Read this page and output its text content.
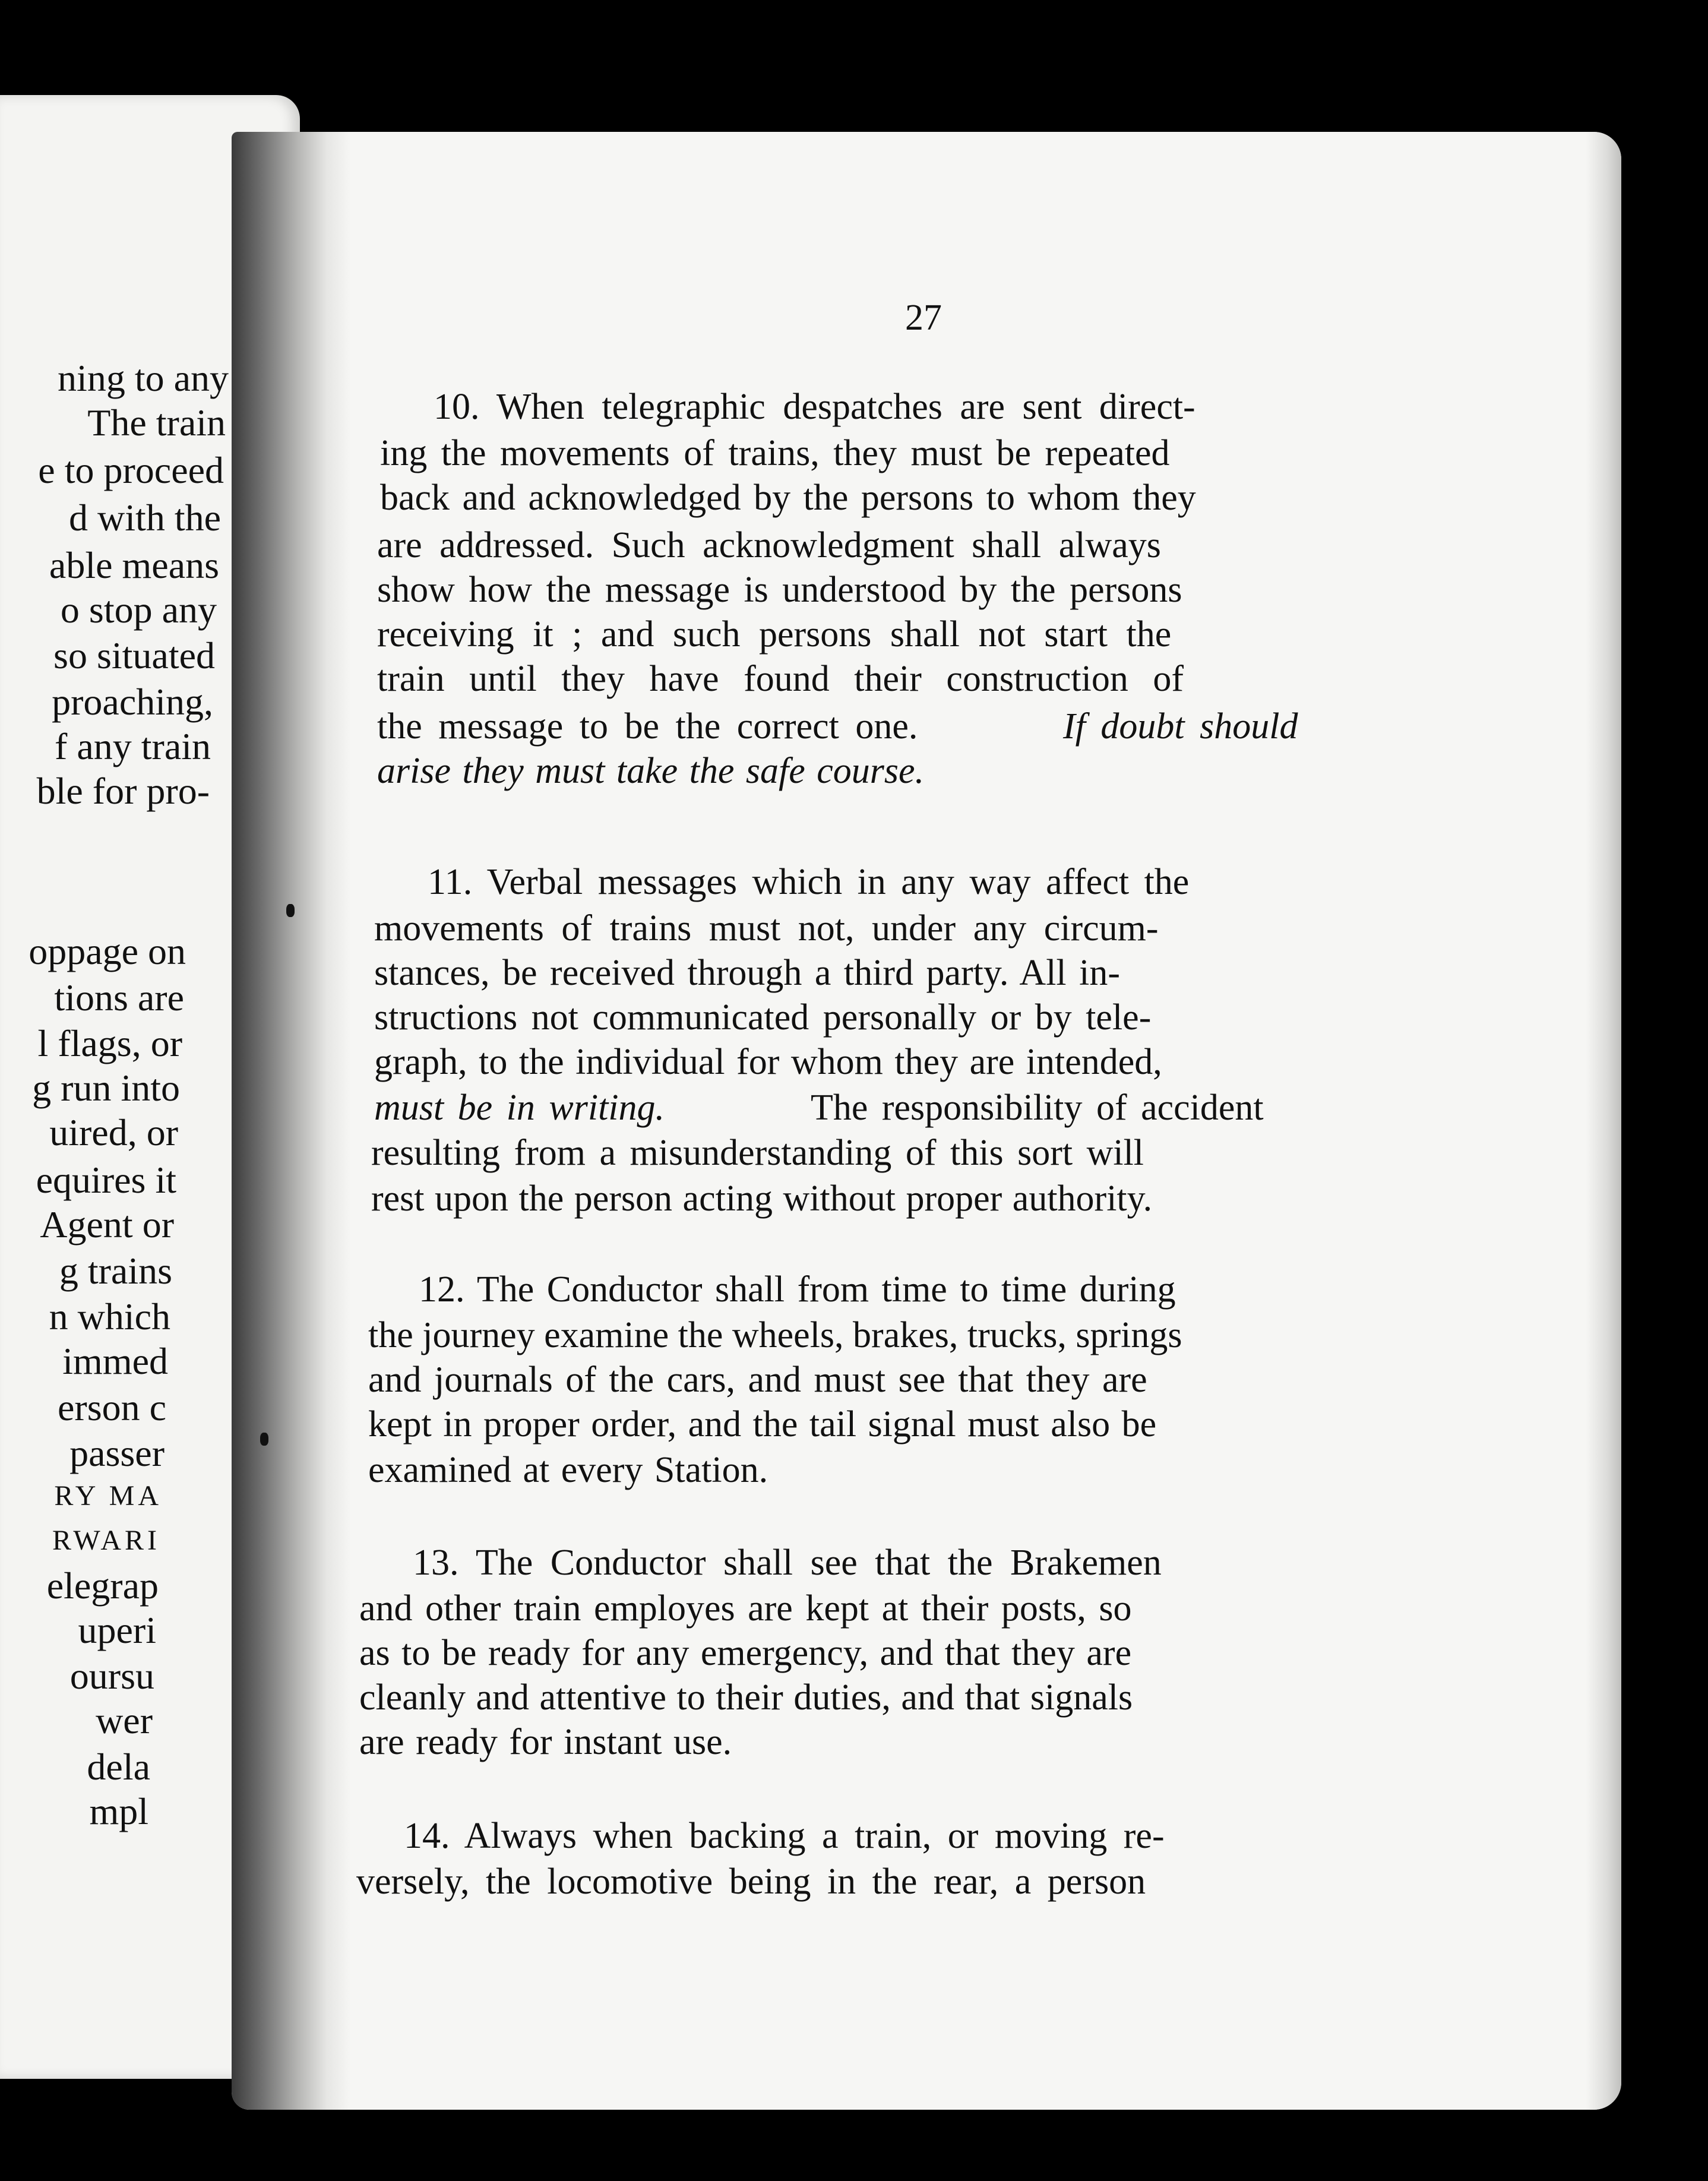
ning to any
The train
e to proceed
d with the
able means
o stop any
so situated
proaching,
f any train
ble for pro-
oppage on
tions are
l flags, or
g run into
uired, or
equires it
Agent or
g trains
n which
immed
erson c
passer
RY MA
RWARI
elegrap
uperi
oursu
wer
dela
mpl
27
10. When telegraphic despatches are sent direct-
ing the movements of trains, they must be repeated
back and acknowledged by the persons to whom they
are addressed. Such acknowledgment shall always
show how the message is understood by the persons
receiving it ; and such persons shall not start the
train until they have found their construction of
the message to be the correct one.	If doubt should
arise they must take the safe course.
11. Verbal messages which in any way affect the
movements of trains must not, under any circum-
stances, be received through a third party. All in-
structions not communicated personally or by tele-
graph, to the individual for whom they are intended,
must be in writing.	The responsibility of accident
resulting from a misunderstanding of this sort will
rest upon the person acting without proper authority.
12. The Conductor shall from time to time during
the journey examine the wheels, brakes, trucks, springs
and journals of the cars, and must see that they are
kept in proper order, and the tail signal must also be
examined at every Station.
13. The Conductor shall see that the Brakemen
and other train employes are kept at their posts, so
as to be ready for any emergency, and that they are
cleanly and attentive to their duties, and that signals
are ready for instant use.
14. Always when backing a train, or moving re-
versely, the locomotive being in the rear, a person
